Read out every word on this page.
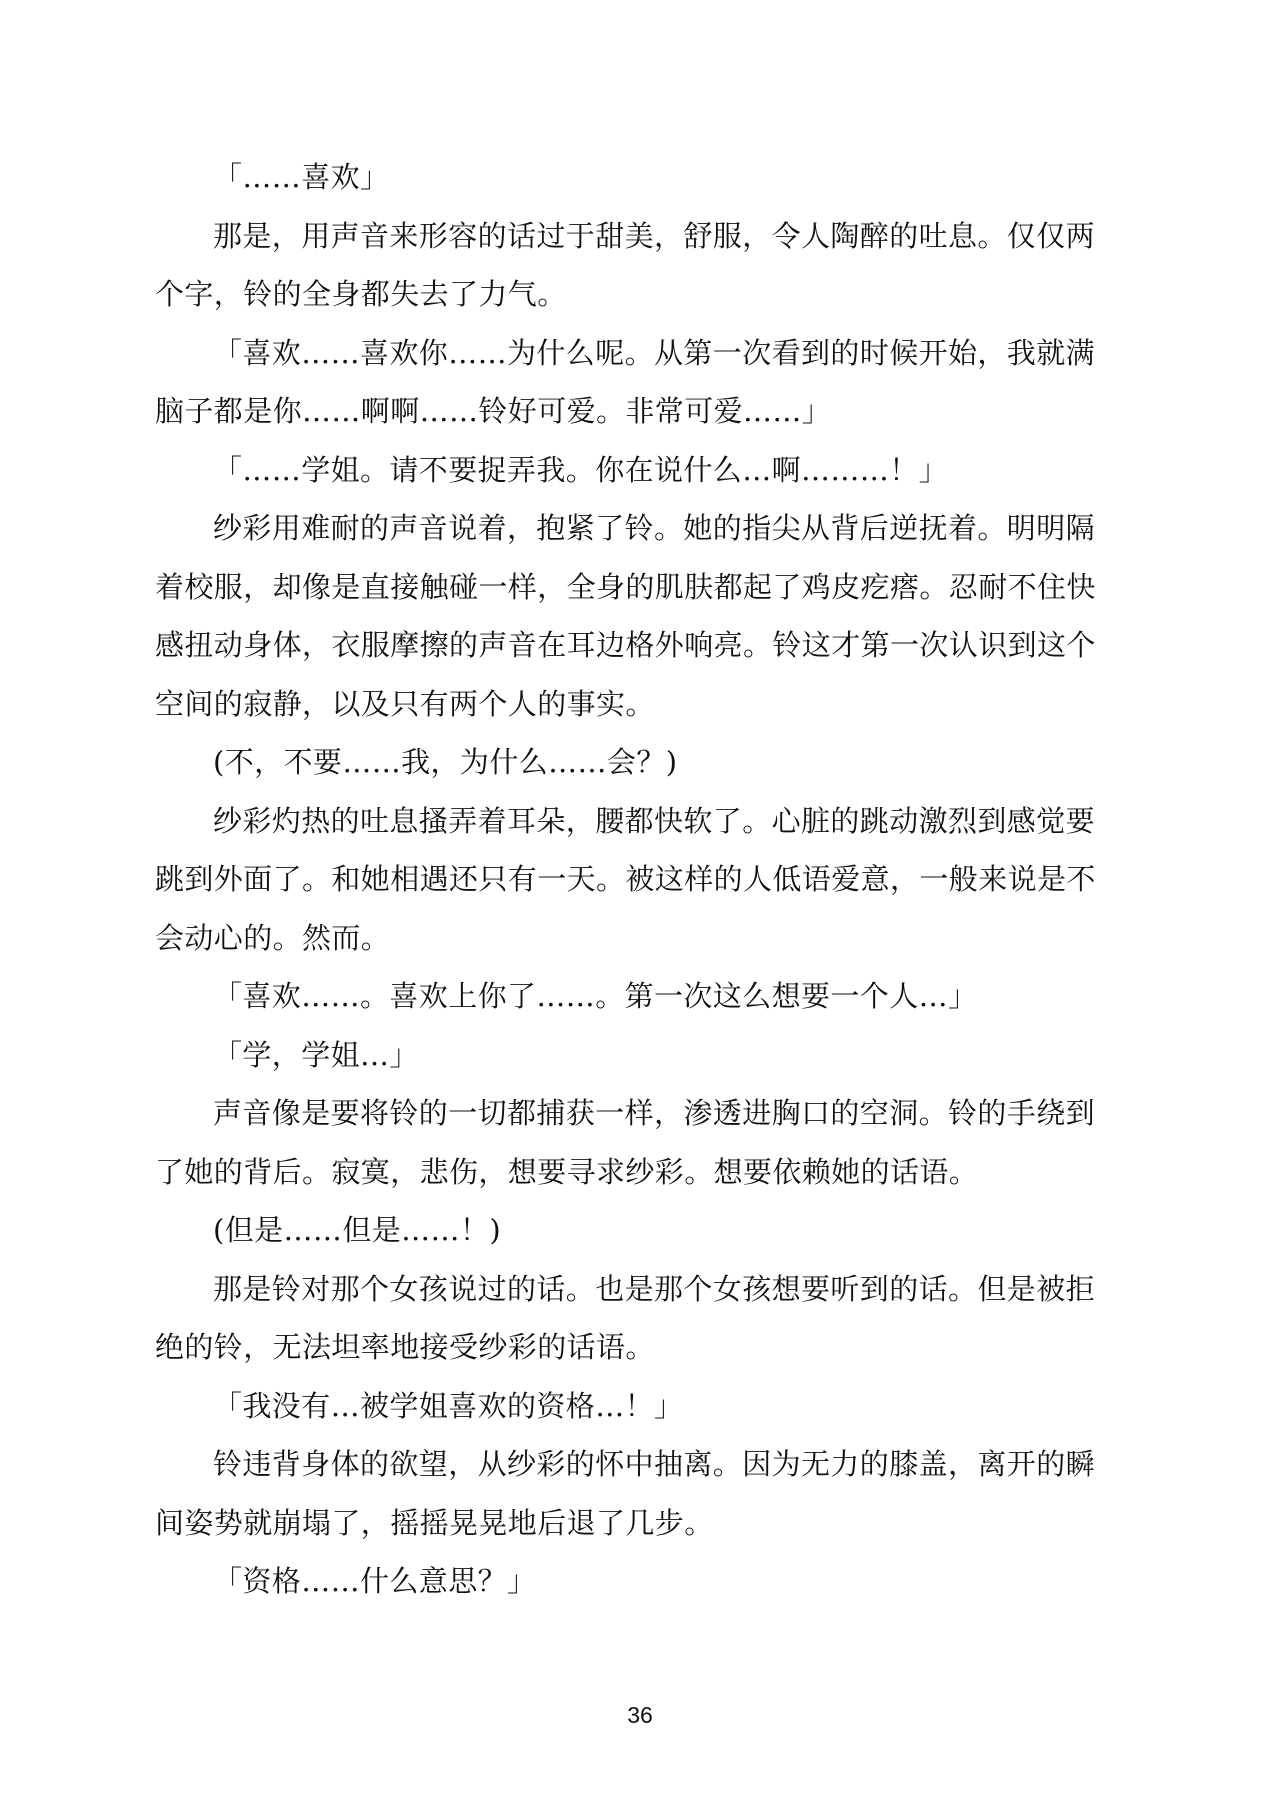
「……喜欢」

那是，用声音来形容的话过于甜美，舒服，令人陶醉的吐息。仅仅两个字，铃的全身都失去了力气。

「喜欢……喜欢你……为什么呢。从第一次看到的时候开始，我就满脑子都是你……啊啊……铃好可爱。非常可爱……」

「……学姐。请不要捉弄我。你在说什么…啊………！」

纱彩用难耐的声音说着，抱紧了铃。她的指尖从背后逆抚着。明明隔着校服，却像是直接触碰一样，全身的肌肤都起了鸡皮疙瘩。忍耐不住快感扭动身体，衣服摩擦的声音在耳边格外响亮。铃这才第一次认识到这个空间的寂静，以及只有两个人的事实。

(不，不要……我，为什么……会？)

纱彩灼热的吐息搔弄着耳朵，腰都快软了。心脏的跳动激烈到感觉要跳到外面了。和她相遇还只有一天。被这样的人低语爱意，一般来说是不会动心的。然而。

「喜欢……。喜欢上你了……。第一次这么想要一个人…」

「学，学姐…」

声音像是要将铃的一切都捕获一样，渗透进胸口的空洞。铃的手绕到了她的背后。寂寞，悲伤，想要寻求纱彩。想要依赖她的话语。

(但是……但是……！)

那是铃对那个女孩说过的话。也是那个女孩想要听到的话。但是被拒绝的铃，无法坦率地接受纱彩的话语。

「我没有…被学姐喜欢的资格…！」

铃违背身体的欲望，从纱彩的怀中抽离。因为无力的膝盖，离开的瞬间姿势就崩塌了，摇摇晃晃地后退了几步。

「资格……什么意思？」

36
